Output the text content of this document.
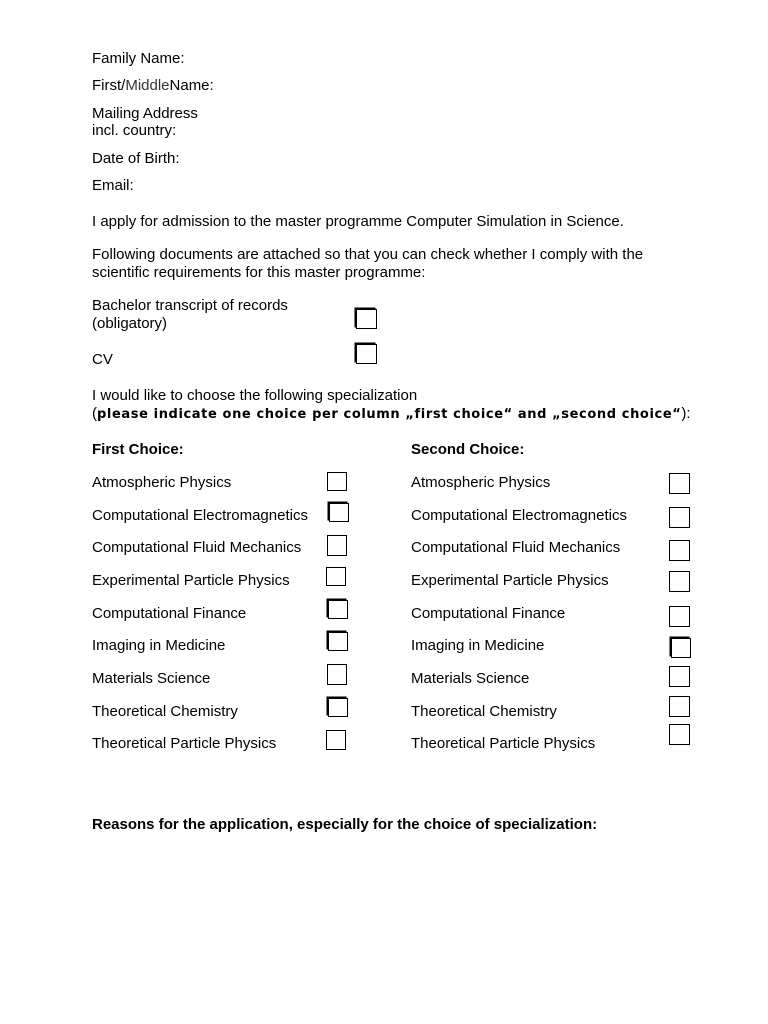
Family Name:
First/MiddleName:
Mailing Address
incl. country:
Date of Birth:
Email:
I apply for admission to the master programme Computer Simulation in Science.
Following documents are attached so that you can check whether I comply with the
scientific requirements for this master programme:
Bachelor transcript of records
(obligatory)
CV
I would like to choose the following specialization
(please indicate one choice per column „first choice“ and „second choice“):
First Choice:	Second Choice:
Atmospheric Physics
Computational Electromagnetics
Computational Fluid Mechanics
Experimental Particle Physics
Computational Finance
Imaging in Medicine
Materials Science
Theoretical Chemistry
Theoretical Particle Physics
Atmospheric Physics
Computational Electromagnetics
Computational Fluid Mechanics
Experimental Particle Physics
Computational Finance
Imaging in Medicine
Materials Science
Theoretical Chemistry
Theoretical Particle Physics
Reasons for the application, especially for the choice of specialization:
